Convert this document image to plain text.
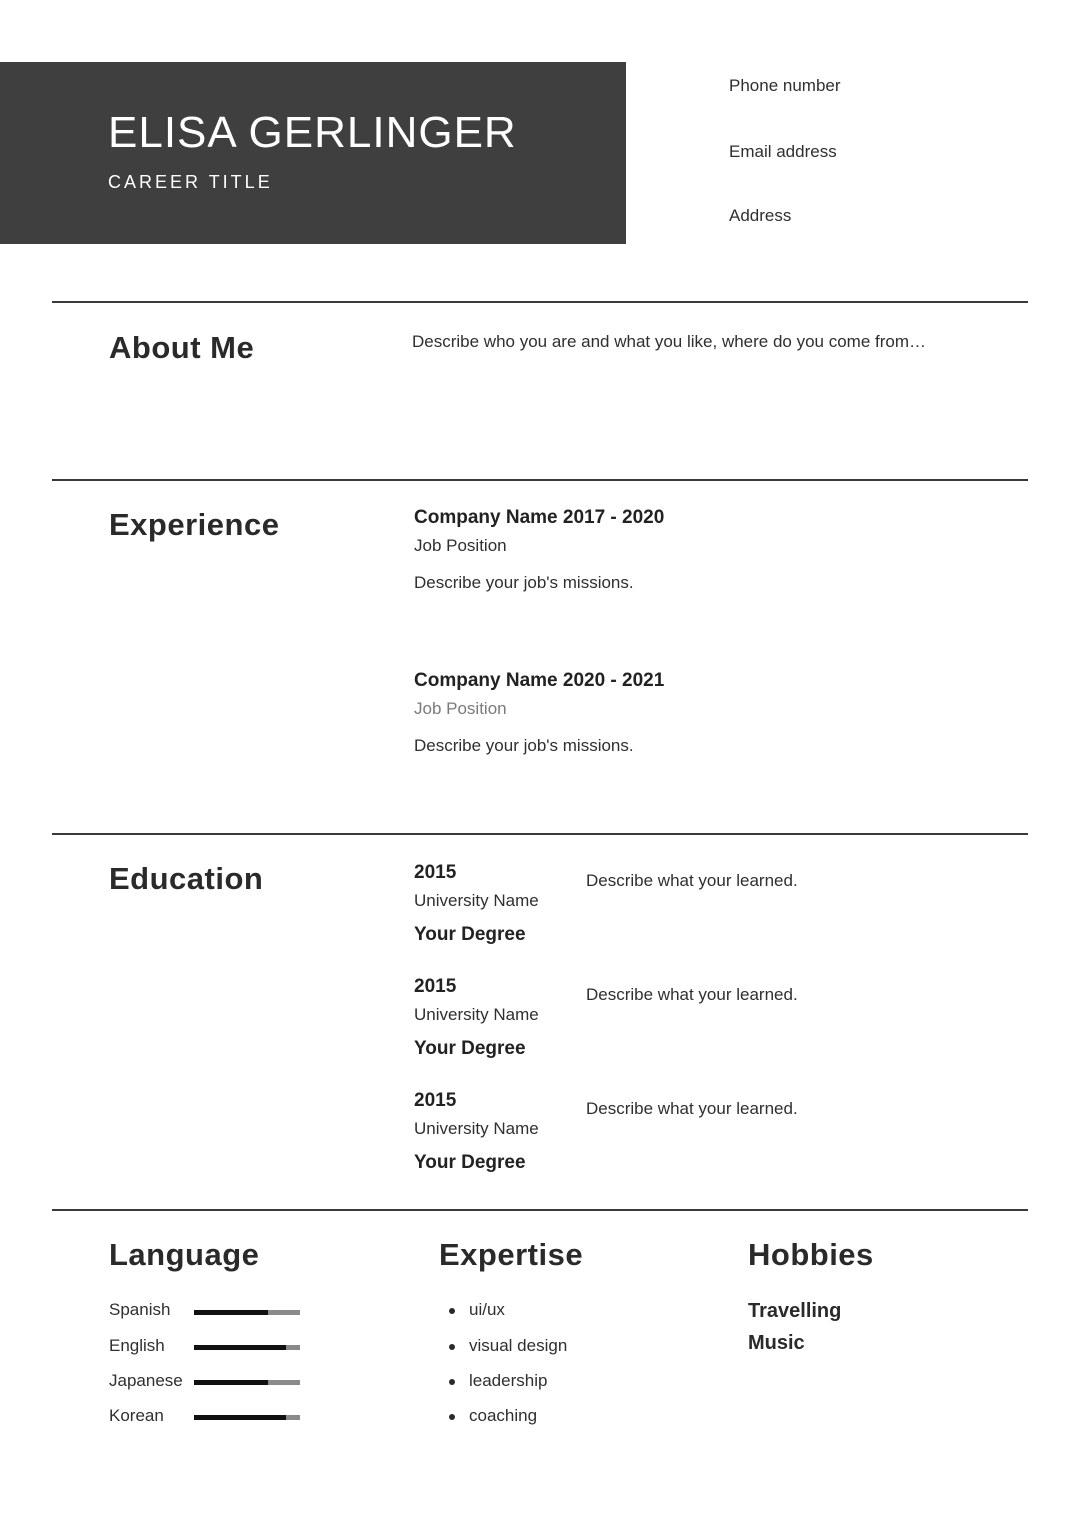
ELISA GERLINGER
CAREER TITLE
Phone number
Email address
Address
About Me	Describe who you are and what you like, where do you come from…
Experience	Company Name 2017 - 2020
Job Position
Describe your job's missions.
Company Name 2020 - 2021
Job Position
Describe your job's missions.
Education	2015
University Name
Your Degree
Describe what your learned.
2015
University Name
Your Degree
Describe what your learned.
2015
University Name
Your Degree
Describe what your learned.
Language
Spanish
English
Japanese
Korean
Expertise
ui/ux
visual design
leadership
coaching
Hobbies
Travelling
Music
